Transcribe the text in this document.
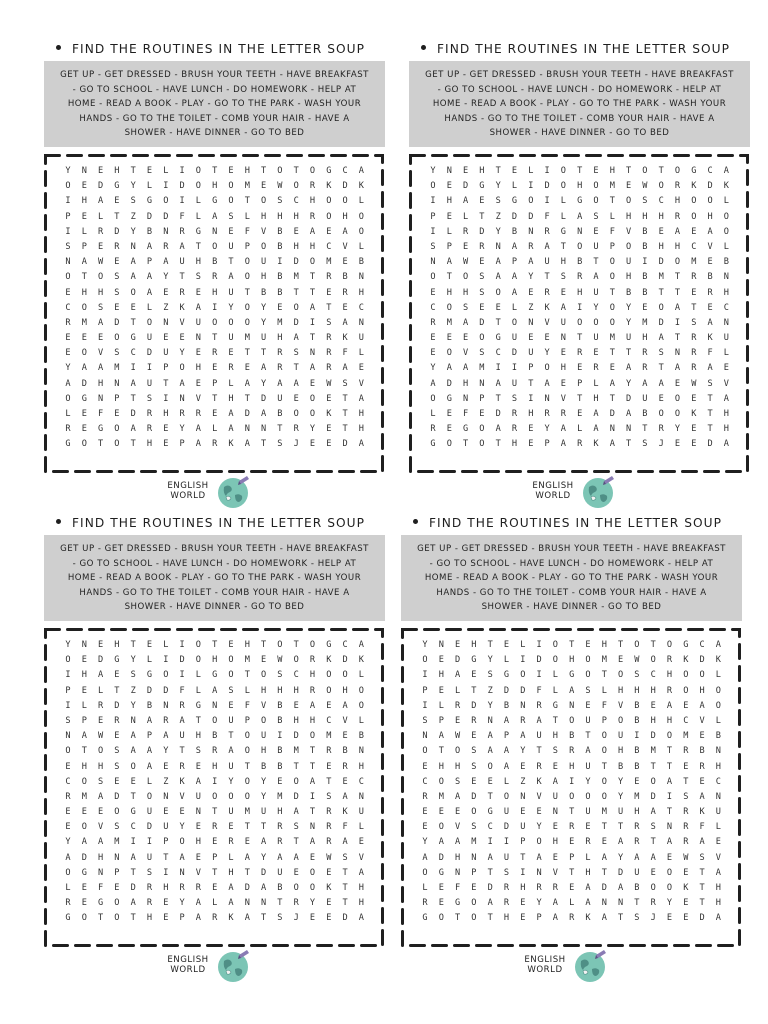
FIND THE ROUTINES IN THE LETTER SOUP

GET UP - GET DRESSED - BRUSH YOUR TEETH - HAVE BREAKFAST

- GO TO SCHOOL - HAVE LUNCH - DO HOMEWORK - HELP AT

HOME - READ A BOOK - PLAY - GO TO THE PARK - WASH YOUR

HANDS - GO TO THE TOILET - COMB YOUR HAIR - HAVE A

SHOWER - HAVE DINNER - GO TO BED

Y N E H T E L I O T E H T O T O G C A
O E D G Y L I D O H O M E W O R K D K
I H A E S G O I L G O T O S C H O O L
P E L T Z D D F L A S L H H H R O H O
I L R D Y B N R G N E F V B E A E A O
S P E R N A R A T O U P O B H H C V L
N A W E A P A U H B T O U I D O M E B
O T O S A A Y T S R A O H B M T R B N
E H H S O A E R E H U T B B T T E R H
C O S E E L Z K A I Y O Y E O A T E C
R M A D T O N V U O O O Y M D I S A N
E E E O G U E E N T U M U H A T R K U
E O V S C D U Y E R E T T R S N R F L
Y A A M I I P O H E R E A R T A R A E
A D H N A U T A E P L A Y A A E W S V
O G N P T S I N V T H T D U E O E T A
L E F E D R H R R E A D A B O O K T H
R E G O A R E Y A L A N N T R Y E T H
G O T O T H E P A R K A T S J E E D A
ENGLISH
WORLD
FIND THE ROUTINES IN THE LETTER SOUP

GET UP - GET DRESSED - BRUSH YOUR TEETH - HAVE BREAKFAST

- GO TO SCHOOL - HAVE LUNCH - DO HOMEWORK - HELP AT

HOME - READ A BOOK - PLAY - GO TO THE PARK - WASH YOUR

HANDS - GO TO THE TOILET - COMB YOUR HAIR - HAVE A

SHOWER - HAVE DINNER - GO TO BED

Y N E H T E L I O T E H T O T O G C A
O E D G Y L I D O H O M E W O R K D K
I H A E S G O I L G O T O S C H O O L
P E L T Z D D F L A S L H H H R O H O
I L R D Y B N R G N E F V B E A E A O
S P E R N A R A T O U P O B H H C V L
N A W E A P A U H B T O U I D O M E B
O T O S A A Y T S R A O H B M T R B N
E H H S O A E R E H U T B B T T E R H
C O S E E L Z K A I Y O Y E O A T E C
R M A D T O N V U O O O Y M D I S A N
E E E O G U E E N T U M U H A T R K U
E O V S C D U Y E R E T T R S N R F L
Y A A M I I P O H E R E A R T A R A E
A D H N A U T A E P L A Y A A E W S V
O G N P T S I N V T H T D U E O E T A
L E F E D R H R R E A D A B O O K T H
R E G O A R E Y A L A N N T R Y E T H
G O T O T H E P A R K A T S J E E D A
ENGLISH
WORLD
FIND THE ROUTINES IN THE LETTER SOUP

GET UP - GET DRESSED - BRUSH YOUR TEETH - HAVE BREAKFAST

- GO TO SCHOOL - HAVE LUNCH - DO HOMEWORK - HELP AT

HOME - READ A BOOK - PLAY - GO TO THE PARK - WASH YOUR

HANDS - GO TO THE TOILET - COMB YOUR HAIR - HAVE A

SHOWER - HAVE DINNER - GO TO BED

Y N E H T E L I O T E H T O T O G C A
O E D G Y L I D O H O M E W O R K D K
I H A E S G O I L G O T O S C H O O L
P E L T Z D D F L A S L H H H R O H O
I L R D Y B N R G N E F V B E A E A O
S P E R N A R A T O U P O B H H C V L
N A W E A P A U H B T O U I D O M E B
O T O S A A Y T S R A O H B M T R B N
E H H S O A E R E H U T B B T T E R H
C O S E E L Z K A I Y O Y E O A T E C
R M A D T O N V U O O O Y M D I S A N
E E E O G U E E N T U M U H A T R K U
E O V S C D U Y E R E T T R S N R F L
Y A A M I I P O H E R E A R T A R A E
A D H N A U T A E P L A Y A A E W S V
O G N P T S I N V T H T D U E O E T A
L E F E D R H R R E A D A B O O K T H
R E G O A R E Y A L A N N T R Y E T H
G O T O T H E P A R K A T S J E E D A
ENGLISH
WORLD
FIND THE ROUTINES IN THE LETTER SOUP

GET UP - GET DRESSED - BRUSH YOUR TEETH - HAVE BREAKFAST

- GO TO SCHOOL - HAVE LUNCH - DO HOMEWORK - HELP AT

HOME - READ A BOOK - PLAY - GO TO THE PARK - WASH YOUR

HANDS - GO TO THE TOILET - COMB YOUR HAIR - HAVE A

SHOWER - HAVE DINNER - GO TO BED

Y N E H T E L I O T E H T O T O G C A
O E D G Y L I D O H O M E W O R K D K
I H A E S G O I L G O T O S C H O O L
P E L T Z D D F L A S L H H H R O H O
I L R D Y B N R G N E F V B E A E A O
S P E R N A R A T O U P O B H H C V L
N A W E A P A U H B T O U I D O M E B
O T O S A A Y T S R A O H B M T R B N
E H H S O A E R E H U T B B T T E R H
C O S E E L Z K A I Y O Y E O A T E C
R M A D T O N V U O O O Y M D I S A N
E E E O G U E E N T U M U H A T R K U
E O V S C D U Y E R E T T R S N R F L
Y A A M I I P O H E R E A R T A R A E
A D H N A U T A E P L A Y A A E W S V
O G N P T S I N V T H T D U E O E T A
L E F E D R H R R E A D A B O O K T H
R E G O A R E Y A L A N N T R Y E T H
G O T O T H E P A R K A T S J E E D A
ENGLISH
WORLD
